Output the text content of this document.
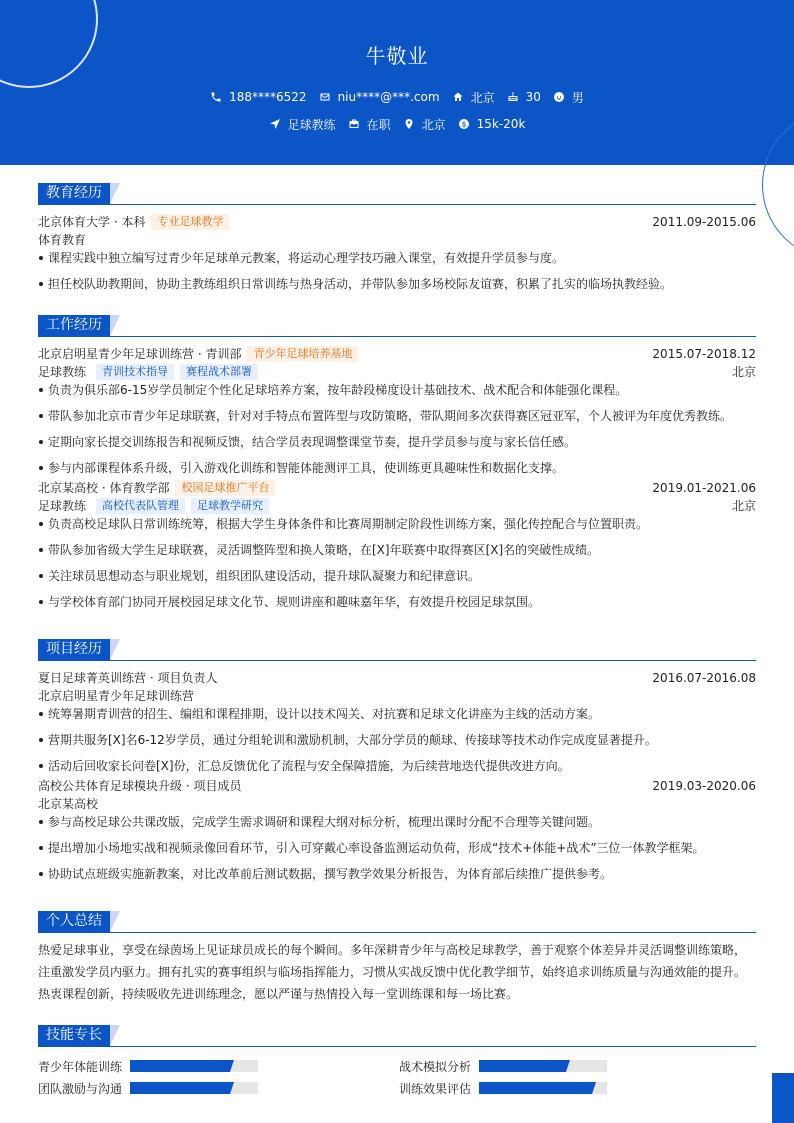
牛敬业
188****6522	niu****@***.com	北京	30	男
足球教练	在职	北京	15k-20k
教育经历
北京体育大学 · 本科	专业足球教学	2011.09-2015.06
体育教育
课程实践中独立编写过青少年足球单元教案，将运动心理学技巧融入课堂，有效提升学员参与度。
担任校队助教期间，协助主教练组织日常训练与热身活动，并带队参加多场校际友谊赛，积累了扎实的临场执教经验。
工作经历
北京启明星青少年足球训练营 · 青训部	青少年足球培养基地	2015.07-2018.12
足球教练	青训技术指导	赛程战术部署	北京
负责为俱乐部6-15岁学员制定个性化足球培养方案，按年龄段梯度设计基础技术、战术配合和体能强化课程。
带队参加北京市青少年足球联赛，针对对手特点布置阵型与攻防策略，带队期间多次获得赛区冠亚军，个人被评为年度优秀教练。
定期向家长提交训练报告和视频反馈，结合学员表现调整课堂节奏，提升学员参与度与家长信任感。
参与内部课程体系升级，引入游戏化训练和智能体能测评工具，使训练更具趣味性和数据化支撑。
北京某高校 · 体育教学部	校园足球推广平台	2019.01-2021.06
足球教练	高校代表队管理	足球教学研究	北京
负责高校足球队日常训练统筹，根据大学生身体条件和比赛周期制定阶段性训练方案，强化传控配合与位置职责。
带队参加省级大学生足球联赛，灵活调整阵型和换人策略，在[X]年联赛中取得赛区[X]名的突破性成绩。
关注球员思想动态与职业规划，组织团队建设活动，提升球队凝聚力和纪律意识。
与学校体育部门协同开展校园足球文化节、规则讲座和趣味嘉年华，有效提升校园足球氛围。
项目经历
夏日足球菁英训练营 · 项目负责人	2016.07-2016.08
北京启明星青少年足球训练营
统筹暑期青训营的招生、编组和课程排期，设计以技术闯关、对抗赛和足球文化讲座为主线的活动方案。
营期共服务[X]名6-12岁学员，通过分组轮训和激励机制，大部分学员的颠球、传接球等技术动作完成度显著提升。
活动后回收家长问卷[X]份，汇总反馈优化了流程与安全保障措施，为后续营地迭代提供改进方向。
高校公共体育足球模块升级 · 项目成员	2019.03-2020.06
北京某高校
参与高校足球公共课改版，完成学生需求调研和课程大纲对标分析，梳理出课时分配不合理等关键问题。
提出增加小场地实战和视频录像回看环节，引入可穿戴心率设备监测运动负荷，形成“技术+体能+战术”三位一体教学框架。
协助试点班级实施新教案，对比改革前后测试数据，撰写教学效果分析报告，为体育部后续推广提供参考。
个人总结
热爱足球事业，享受在绿茵场上见证球员成长的每个瞬间。多年深耕青少年与高校足球教学，善于观察个体差异并灵活调整训练策略，
注重激发学员内驱力。拥有扎实的赛事组织与临场指挥能力，习惯从实战反馈中优化教学细节，始终追求训练质量与沟通效能的提升。
热衷课程创新，持续吸收先进训练理念，愿以严谨与热情投入每一堂训练课和每一场比赛。
技能专长
青少年体能训练	战术模拟分析
团队激励与沟通	训练效果评估
